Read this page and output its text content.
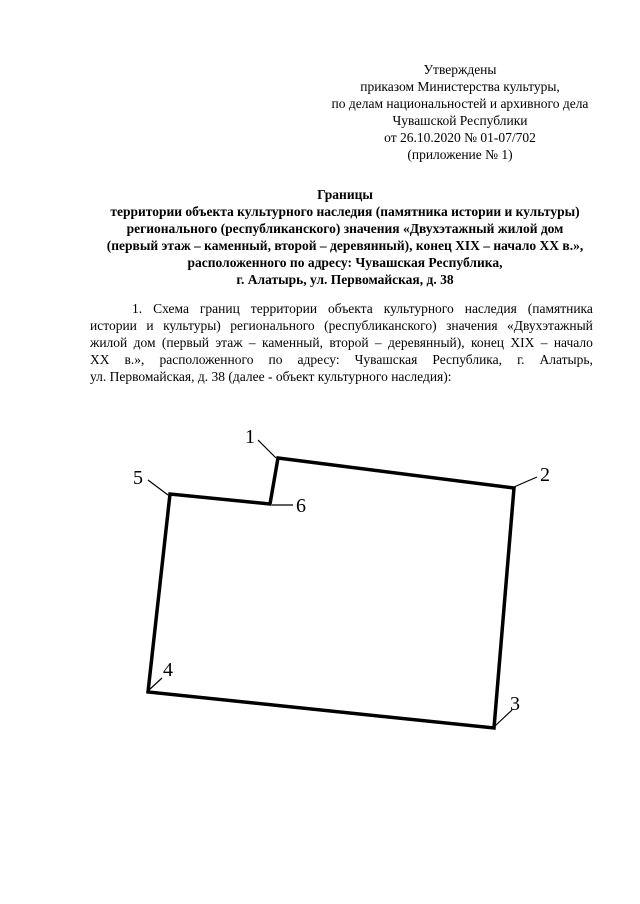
Утверждены
приказом Министерства культуры,
по делам национальностей и архивного дела
Чувашской Республики
от 26.10.2020 № 01-07/702
(приложение № 1)
Границы
территории объекта культурного наследия (памятника истории и культуры)
регионального (республиканского) значения «Двухэтажный жилой дом
(первый этаж – каменный, второй – деревянный), конец XIX – начало XX в.»,
расположенного по адресу: Чувашская Республика,
г. Алатырь, ул. Первомайская, д. 38
1. Схема границ территории объекта культурного наследия (памятника
истории и культуры) регионального (республиканского) значения «Двухэтажный
жилой дом (первый этаж – каменный, второй – деревянный), конец XIX – начало
XX в.», расположенного по адресу: Чувашская Республика, г. Алатырь,
ул.
Первомайская,
д.
38
(далее
-
объект
культурного
наследия):

1
2
3
4
5
6
